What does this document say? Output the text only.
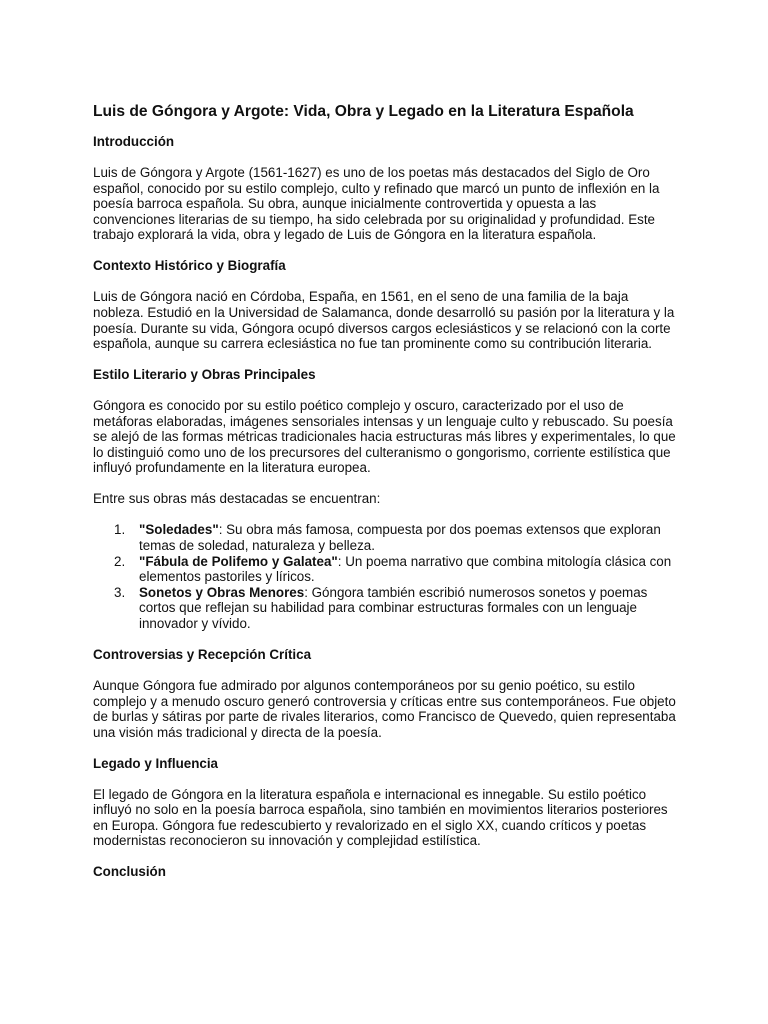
Luis de Góngora y Argote: Vida, Obra y Legado en la Literatura Española
Introducción

Luis de Góngora y Argote (1561-1627) es uno de los poetas más destacados del Siglo de Oro español, conocido por su estilo complejo, culto y refinado que marcó un punto de inflexión en la poesía barroca española. Su obra, aunque inicialmente controvertida y opuesta a las convenciones literarias de su tiempo, ha sido celebrada por su originalidad y profundidad. Este trabajo explorará la vida, obra y legado de Luis de Góngora en la literatura española.

Contexto Histórico y Biografía

Luis de Góngora nació en Córdoba, España, en 1561, en el seno de una familia de la baja nobleza. Estudió en la Universidad de Salamanca, donde desarrolló su pasión por la literatura y la poesía. Durante su vida, Góngora ocupó diversos cargos eclesiásticos y se relacionó con la corte española, aunque su carrera eclesiástica no fue tan prominente como su contribución literaria.

Estilo Literario y Obras Principales

Góngora es conocido por su estilo poético complejo y oscuro, caracterizado por el uso de metáforas elaboradas, imágenes sensoriales intensas y un lenguaje culto y rebuscado. Su poesía se alejó de las formas métricas tradicionales hacia estructuras más libres y experimentales, lo que lo distinguió como uno de los precursores del culteranismo o gongorismo, corriente estilística que influyó profundamente en la literatura europea.

Entre sus obras más destacadas se encuentran:

1. "Soledades": Su obra más famosa, compuesta por dos poemas extensos que exploran temas de soledad, naturaleza y belleza.
2. "Fábula de Polifemo y Galatea": Un poema narrativo que combina mitología clásica con elementos pastoriles y líricos.
3. Sonetos y Obras Menores: Góngora también escribió numerosos sonetos y poemas cortos que reflejan su habilidad para combinar estructuras formales con un lenguaje innovador y vívido.
Controversias y Recepción Crítica

Aunque Góngora fue admirado por algunos contemporáneos por su genio poético, su estilo complejo y a menudo oscuro generó controversia y críticas entre sus contemporáneos. Fue objeto de burlas y sátiras por parte de rivales literarios, como Francisco de Quevedo, quien representaba una visión más tradicional y directa de la poesía.

Legado y Influencia

El legado de Góngora en la literatura española e internacional es innegable. Su estilo poético influyó no solo en la poesía barroca española, sino también en movimientos literarios posteriores en Europa. Góngora fue redescubierto y revalorizado en el siglo XX, cuando críticos y poetas modernistas reconocieron su innovación y complejidad estilística.

Conclusión
